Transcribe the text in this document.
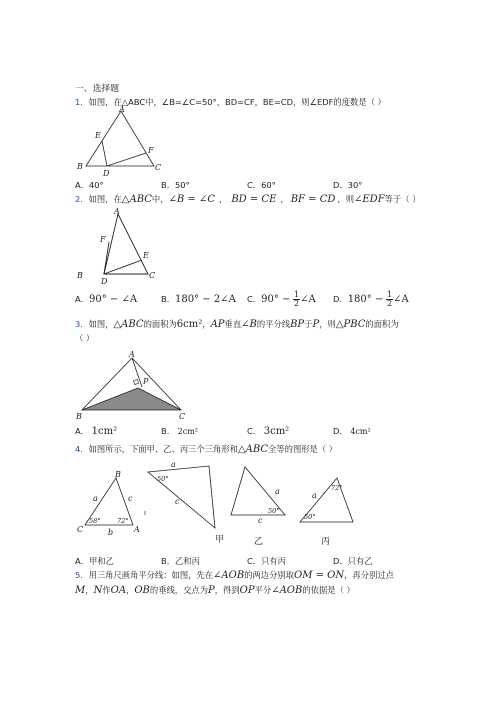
一、选择题
1．如图，在△ABC中，∠B=∠C=50°，BD=CF，BE=CD，则∠EDF的度数是（ ）
A
B	C
D
E
F
A．40°	B．50°	C．60°	D．30°
2．如图，在△ABC中，∠B = ∠C ， BD = CE ， BF = CD ，则∠EDF等于（ ）
A
B	C
D
E
F
A．90° − ∠A	B．180° − 2∠A C．$90^\circ - \frac{1}{2}$ ∠A D．$180^\circ - \frac{1}{2}$ ∠A
3．如图，△ABC的面积为6cm²，AP垂直∠B的平分线BP于P，则△PBC的面积为
（ ）
A
B	C
P
A． 1cm²	B． 2cm²	C． 3cm²	D． 4cm²
4．如图所示，下面甲、乙、丙三个三角形和△ABC全等的图形是（ ）
B
C	A
a	c
b
58°	72°
ı
a
c
50°
甲
a
c
50°
乙
a
72°
50°
丙
A．甲和乙	B．乙和丙	C．只有丙	D．只有乙
5．用三角尺画角平分线：如图，先在∠AOB的两边分别取OM = ON，再分别过点
M，N作OA，OB的垂线，交点为P，得到OP平分∠AOB的依据是（ ）
